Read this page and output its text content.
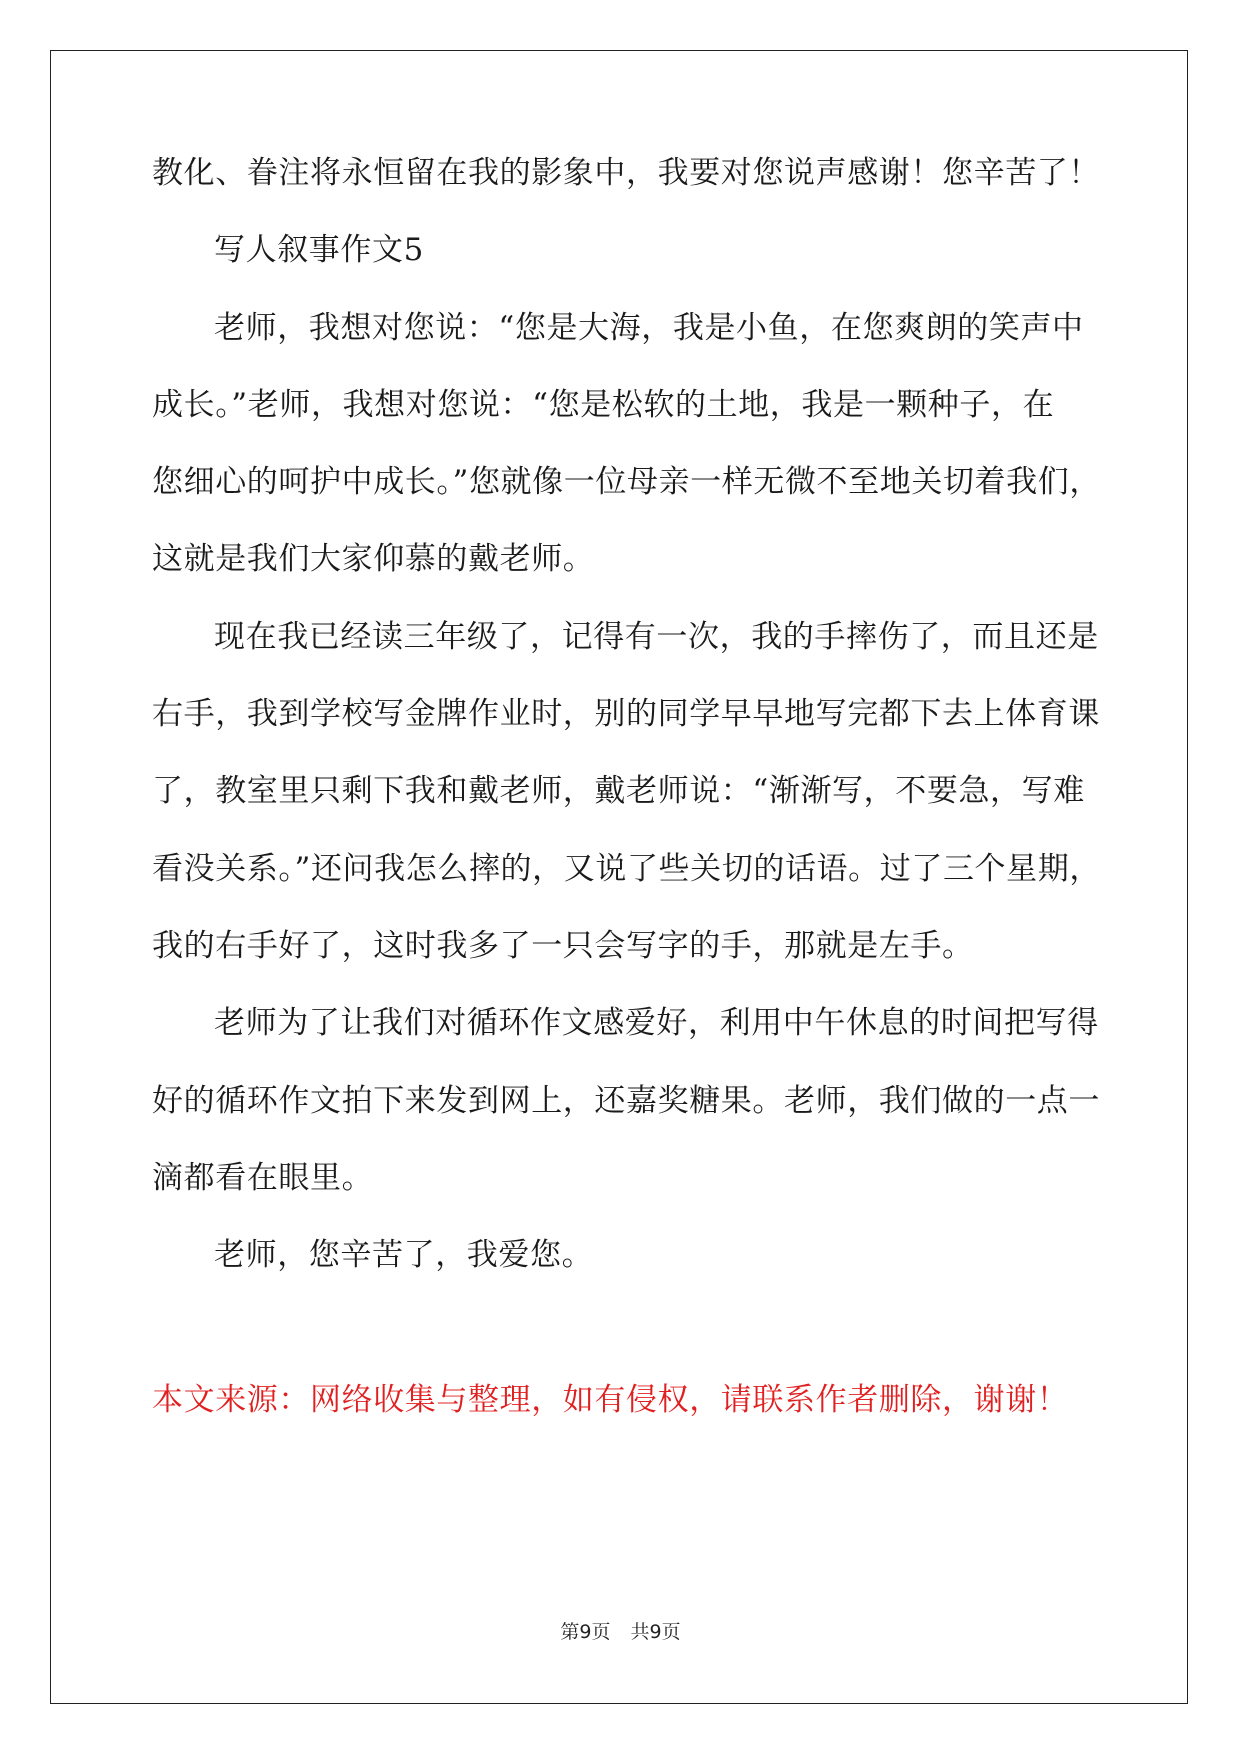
教化、眷注将永恒留在我的影象中，我要对您说声感谢！您辛苦了！
写人叙事作文5
老师，我想对您说：“您是大海，我是小鱼，在您爽朗的笑声中
成长。”老师，我想对您说：“您是松软的土地，我是一颗种子，在
您细心的呵护中成长。”您就像一位母亲一样无微不至地关切着我们，
这就是我们大家仰慕的戴老师。
现在我已经读三年级了，记得有一次，我的手摔伤了，而且还是
右手，我到学校写金牌作业时，别的同学早早地写完都下去上体育课
了，教室里只剩下我和戴老师，戴老师说：“渐渐写，不要急，写难
看没关系。”还问我怎么摔的，又说了些关切的话语。过了三个星期，
我的右手好了，这时我多了一只会写字的手，那就是左手。
老师为了让我们对循环作文感爱好，利用中午休息的时间把写得
好的循环作文拍下来发到网上，还嘉奖糖果。老师，我们做的一点一
滴都看在眼里。
老师，您辛苦了，我爱您。
本文来源：网络收集与整理，如有侵权，请联系作者删除，谢谢！
第9页 共9页
